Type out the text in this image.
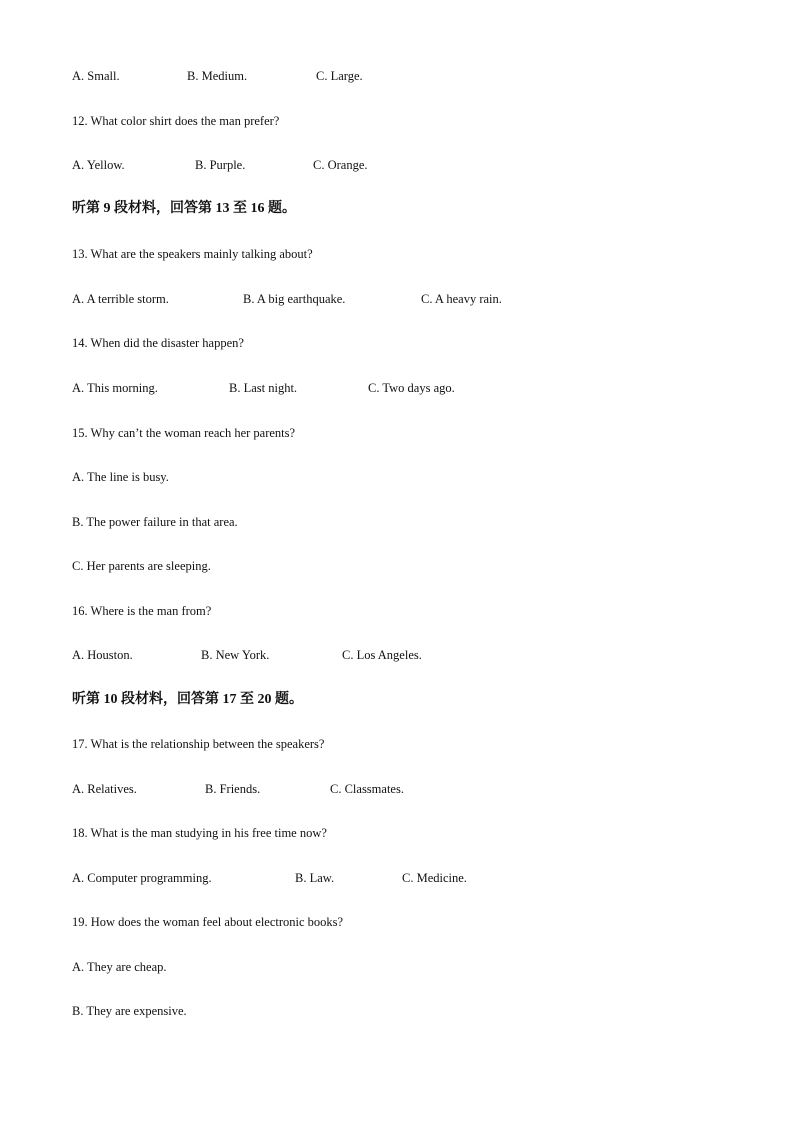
A. Small.	B. Medium.	C. Large.
12. What color shirt does the man prefer?
A. Yellow.	B. Purple.	C. Orange.
听第 9 段材料，回答第 13 至 16 题。
13. What are the speakers mainly talking about?
A. A terrible storm.	B. A big earthquake.	C. A heavy rain.
14. When did the disaster happen?
A. This morning.	B. Last night.	C. Two days ago.
15. Why can’t the woman reach her parents?
A. The line is busy.
B. The power failure in that area.
C. Her parents are sleeping.
16. Where is the man from?
A. Houston.	B. New York.	C. Los Angeles.
听第 10 段材料，回答第 17 至 20 题。
17. What is the relationship between the speakers?
A. Relatives.	B. Friends.	C. Classmates.
18. What is the man studying in his free time now?
A. Computer programming.	B. Law.	C. Medicine.
19. How does the woman feel about electronic books?
A. They are cheap.
B. They are expensive.
